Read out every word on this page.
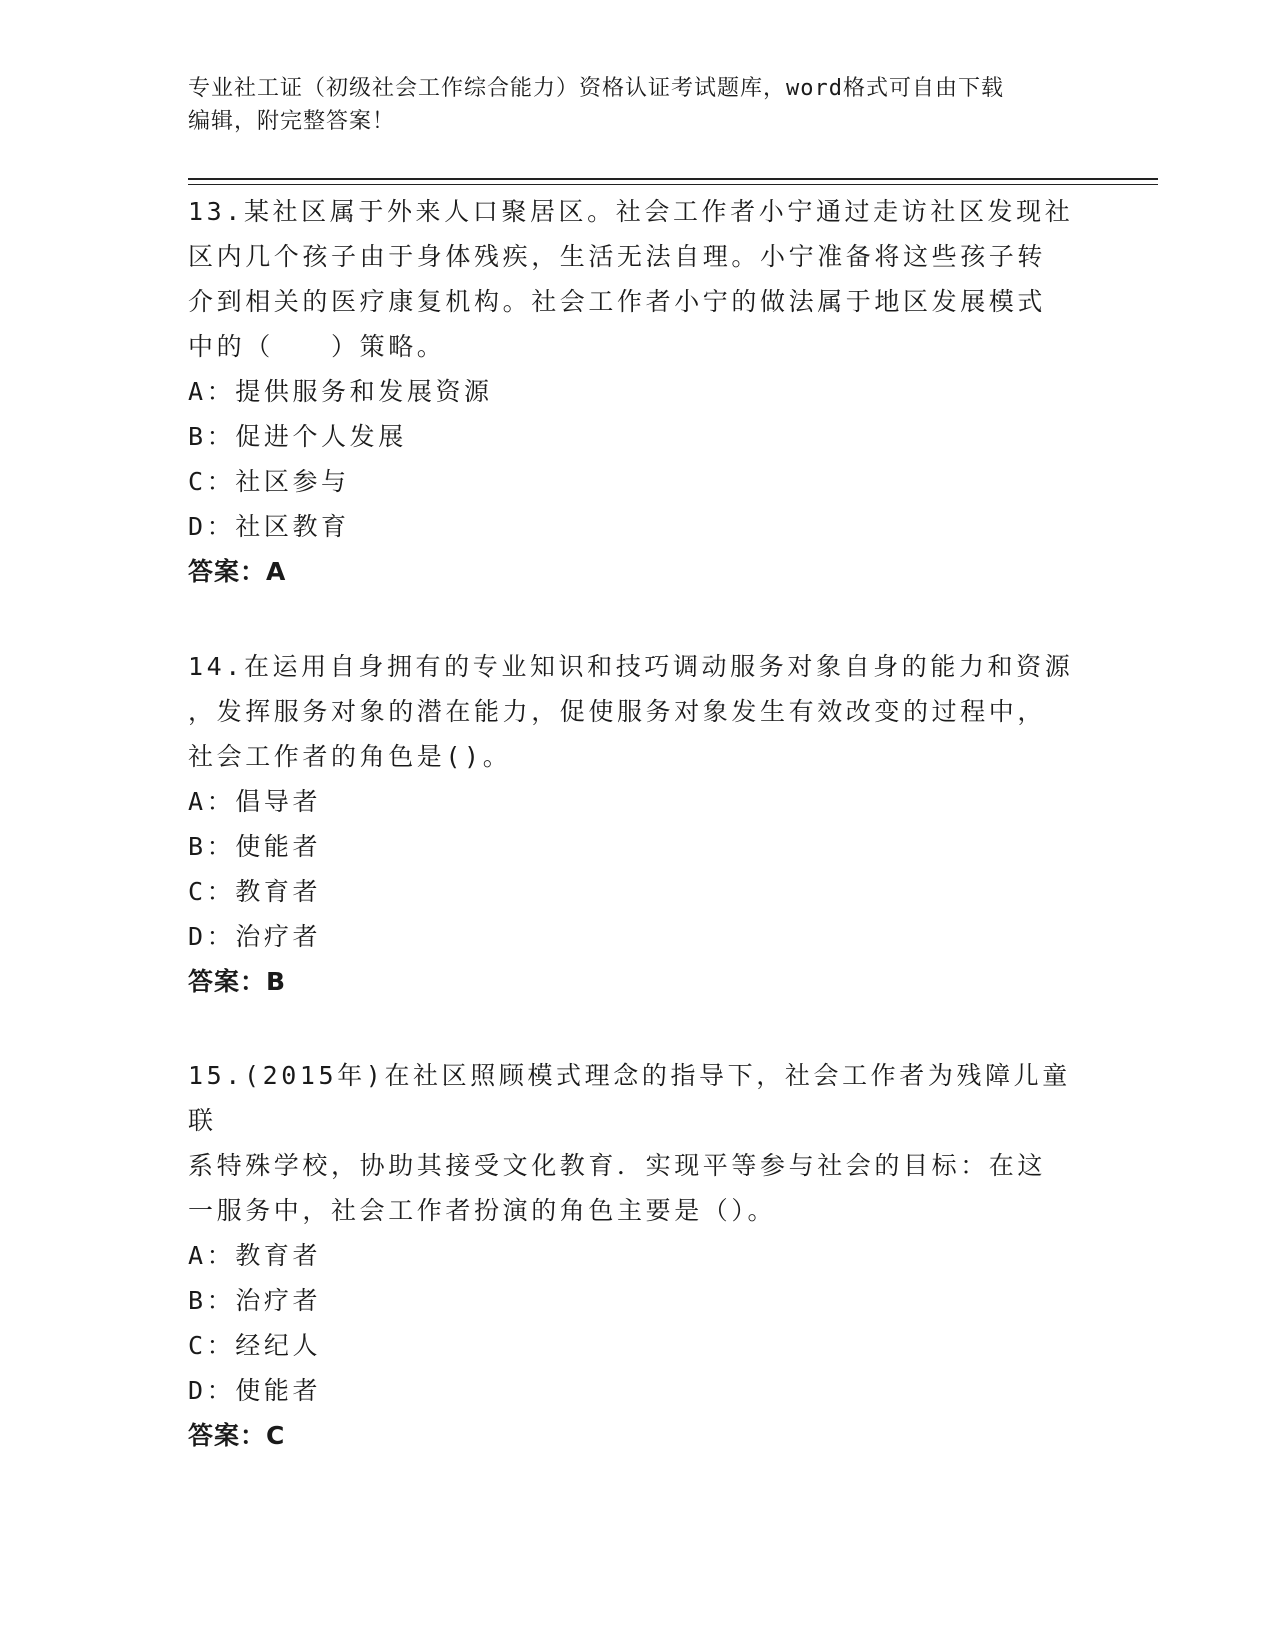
专业社工证（初级社会工作综合能力）资格认证考试题库，word格式可自由下载
编辑，附完整答案！

13.某社区属于外来人口聚居区。社会工作者小宁通过走访社区发现社

区内几个孩子由于身体残疾，生活无法自理。小宁准备将这些孩子转

介到相关的医疗康复机构。社会工作者小宁的做法属于地区发展模式

中的（　　）策略。

A：提供服务和发展资源

B：促进个人发展

C：社区参与

D：社区教育

答案：A

14.在运用自身拥有的专业知识和技巧调动服务对象自身的能力和资源

，发挥服务对象的潜在能力，促使服务对象发生有效改变的过程中，

社会工作者的角色是()。

A：倡导者

B：使能者

C：教育者

D：治疗者

答案：B

15.(2015年)在社区照顾模式理念的指导下，社会工作者为残障儿童联

系特殊学校，协助其接受文化教育．实现平等参与社会的目标：在这

一服务中，社会工作者扮演的角色主要是（）。

A：教育者

B：治疗者

C：经纪人

D：使能者

答案：C
